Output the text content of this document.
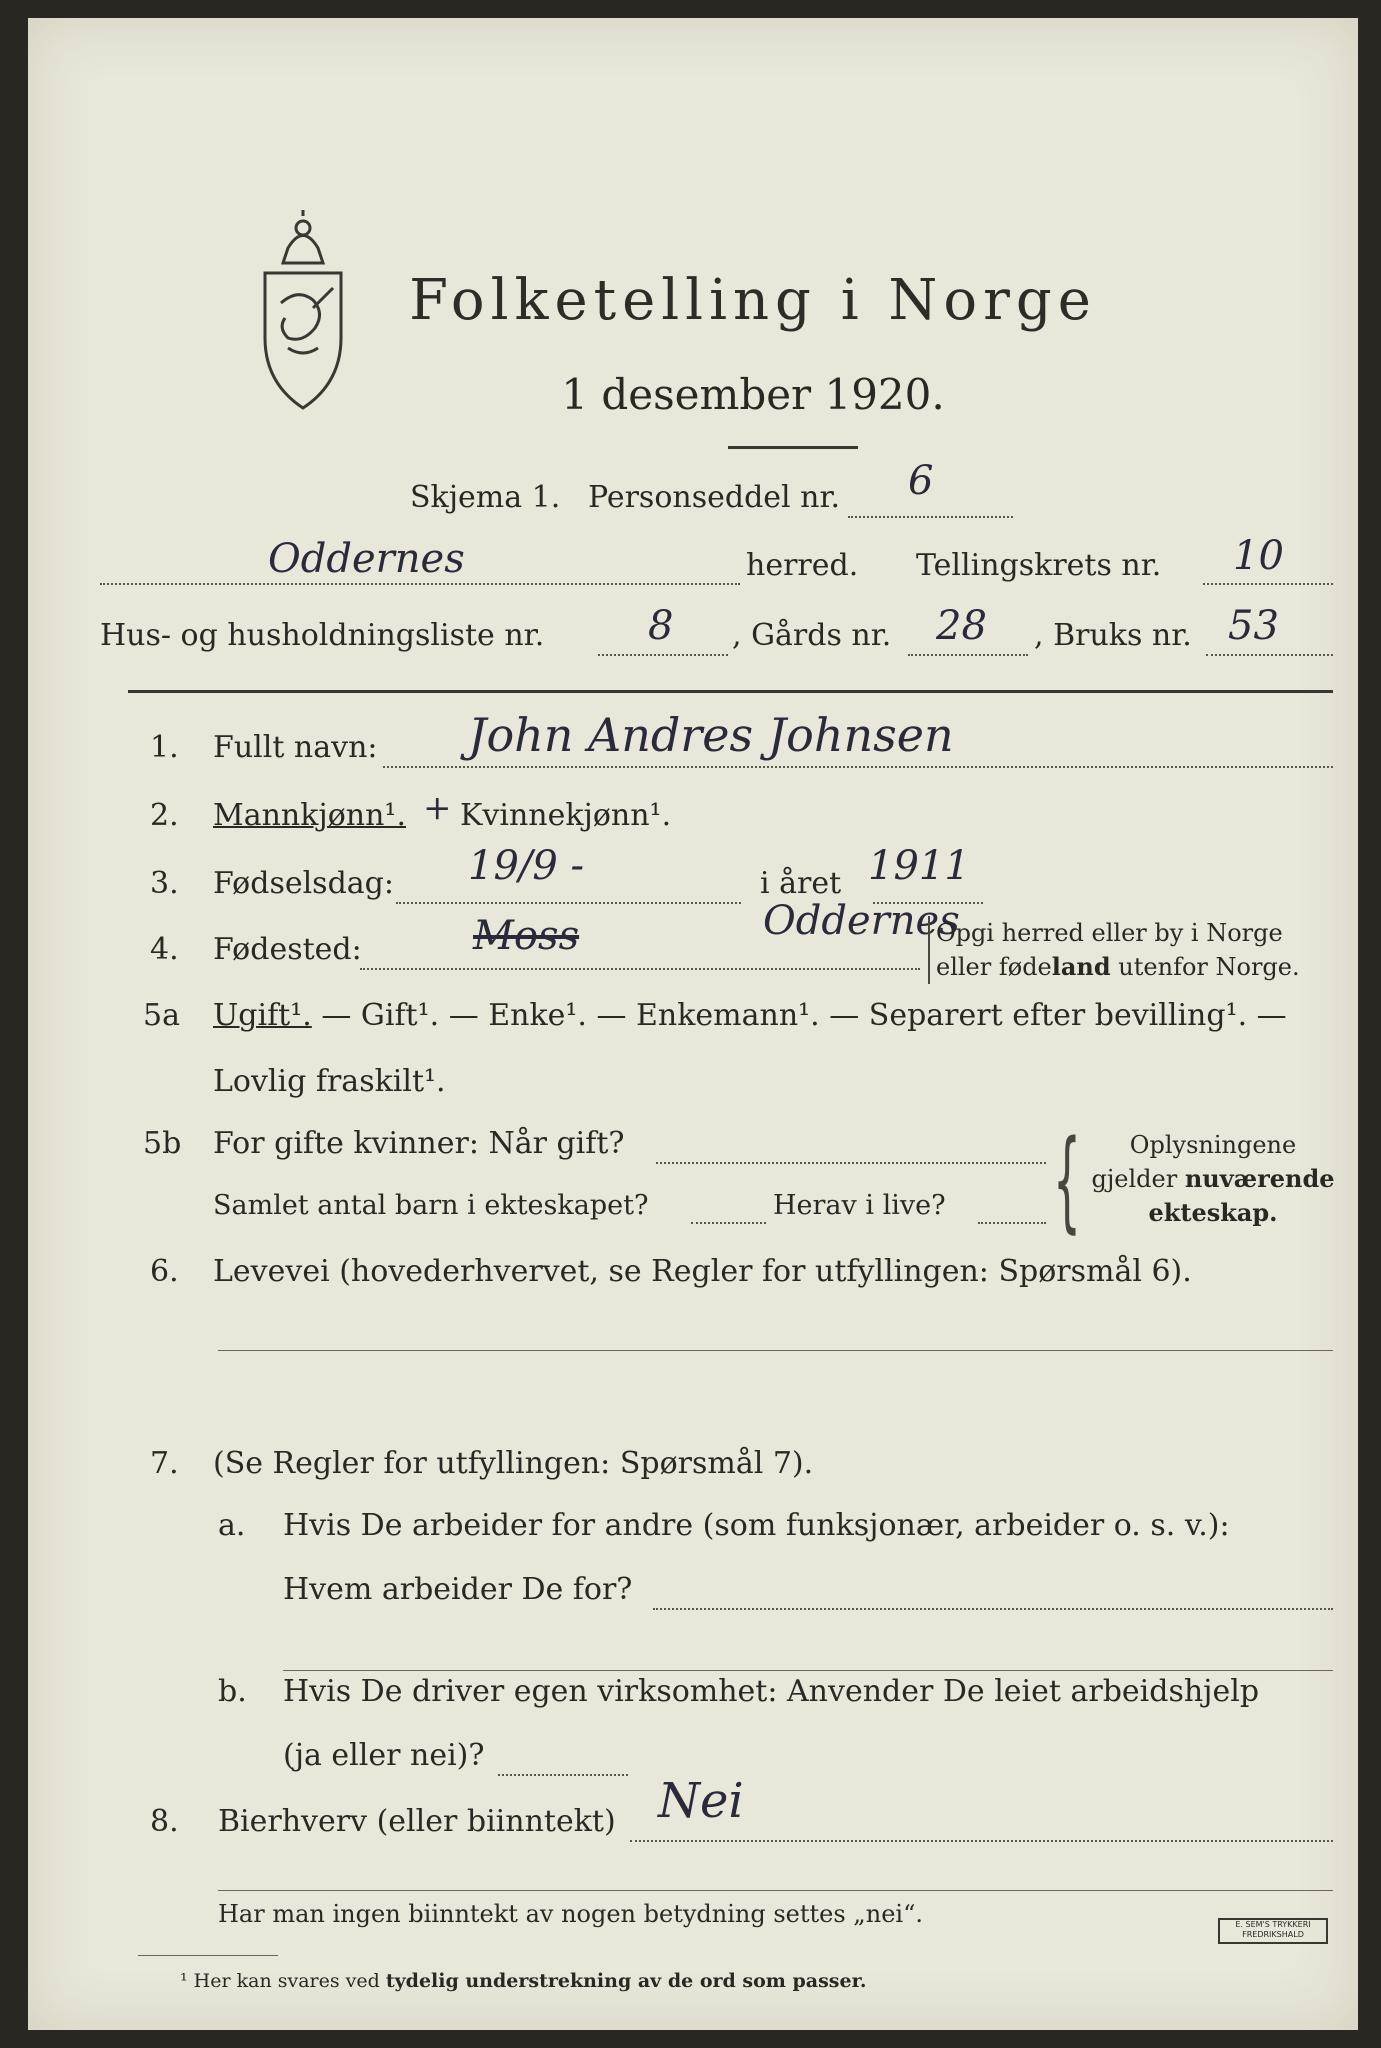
Folketelling i Norge
1 desember 1920.
Skjema 1. Personseddel nr. 6
Oddernes	herred. Tellingskrets nr. 10
Hus- og husholdningsliste nr.	8 , Gårds nr. 28 , Bruks nr. 53
1. Fullt navn: John Andres Johnsen
2. Mannkjønn¹. + Kvinnekjønn¹.
3. Fødselsdag: 19/9 -	i året 1911
4. Fødested:	Moss	Oddernes
Opgi herred eller by i Norge
eller fødeland utenfor Norge.
5a Ugift¹. — Gift¹. — Enke¹. — Enkemann¹. — Separert efter bevilling¹. —
Lovlig fraskilt¹.
5b For gifte kvinner: Når gift?
Samlet antal barn i ekteskapet?	Herav i live? {	Oplysningene
gjelder nuværende
ekteskap.
6. Levevei (hovederhvervet, se Regler for utfyllingen: Spørsmål 6).
7. (Se Regler for utfyllingen: Spørsmål 7).
a. Hvis De arbeider for andre (som funksjonær, arbeider o. s. v.):
Hvem arbeider De for?
b. Hvis De driver egen virksomhet: Anvender De leiet arbeidshjelp
(ja eller nei)?
8. Bierhverv (eller biinntekt) Nei
Har man ingen biinntekt av nogen betydning settes „nei“.
¹ Her kan svares ved tydelig understrekning av de ord som passer.
E. SEM'S TRYKKERI
FREDRIKSHALD
